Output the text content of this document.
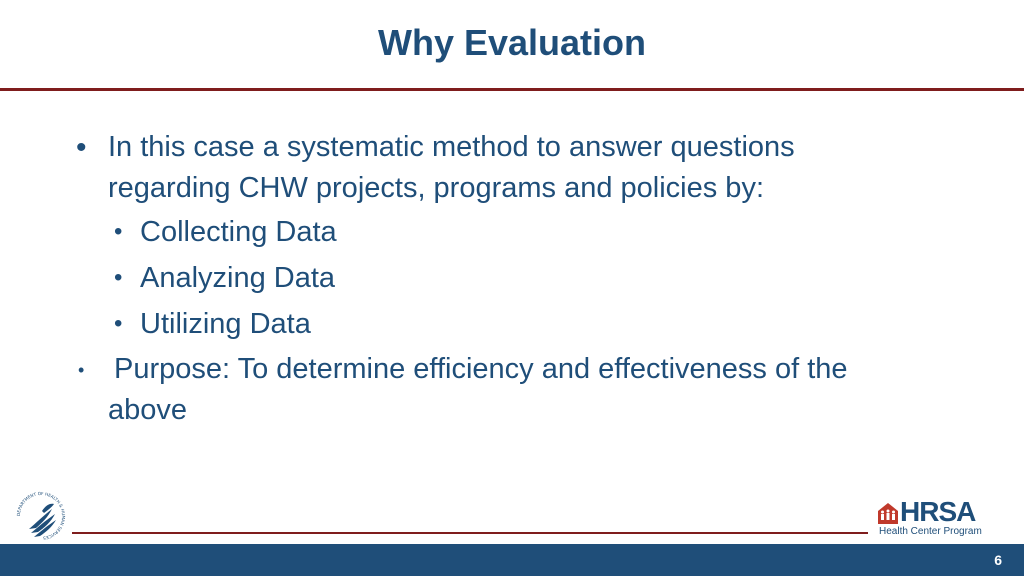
Why Evaluation
• In this case a systematic method to answer questions
regarding CHW projects, programs and policies by:
• Collecting Data
• Analyzing Data
• Utilizing Data
• Purpose: To determine efficiency and effectiveness of the
above
DEPARTMENT OF HEALTH & HUMAN SERVICES
HRSA
Health Center Program
6
